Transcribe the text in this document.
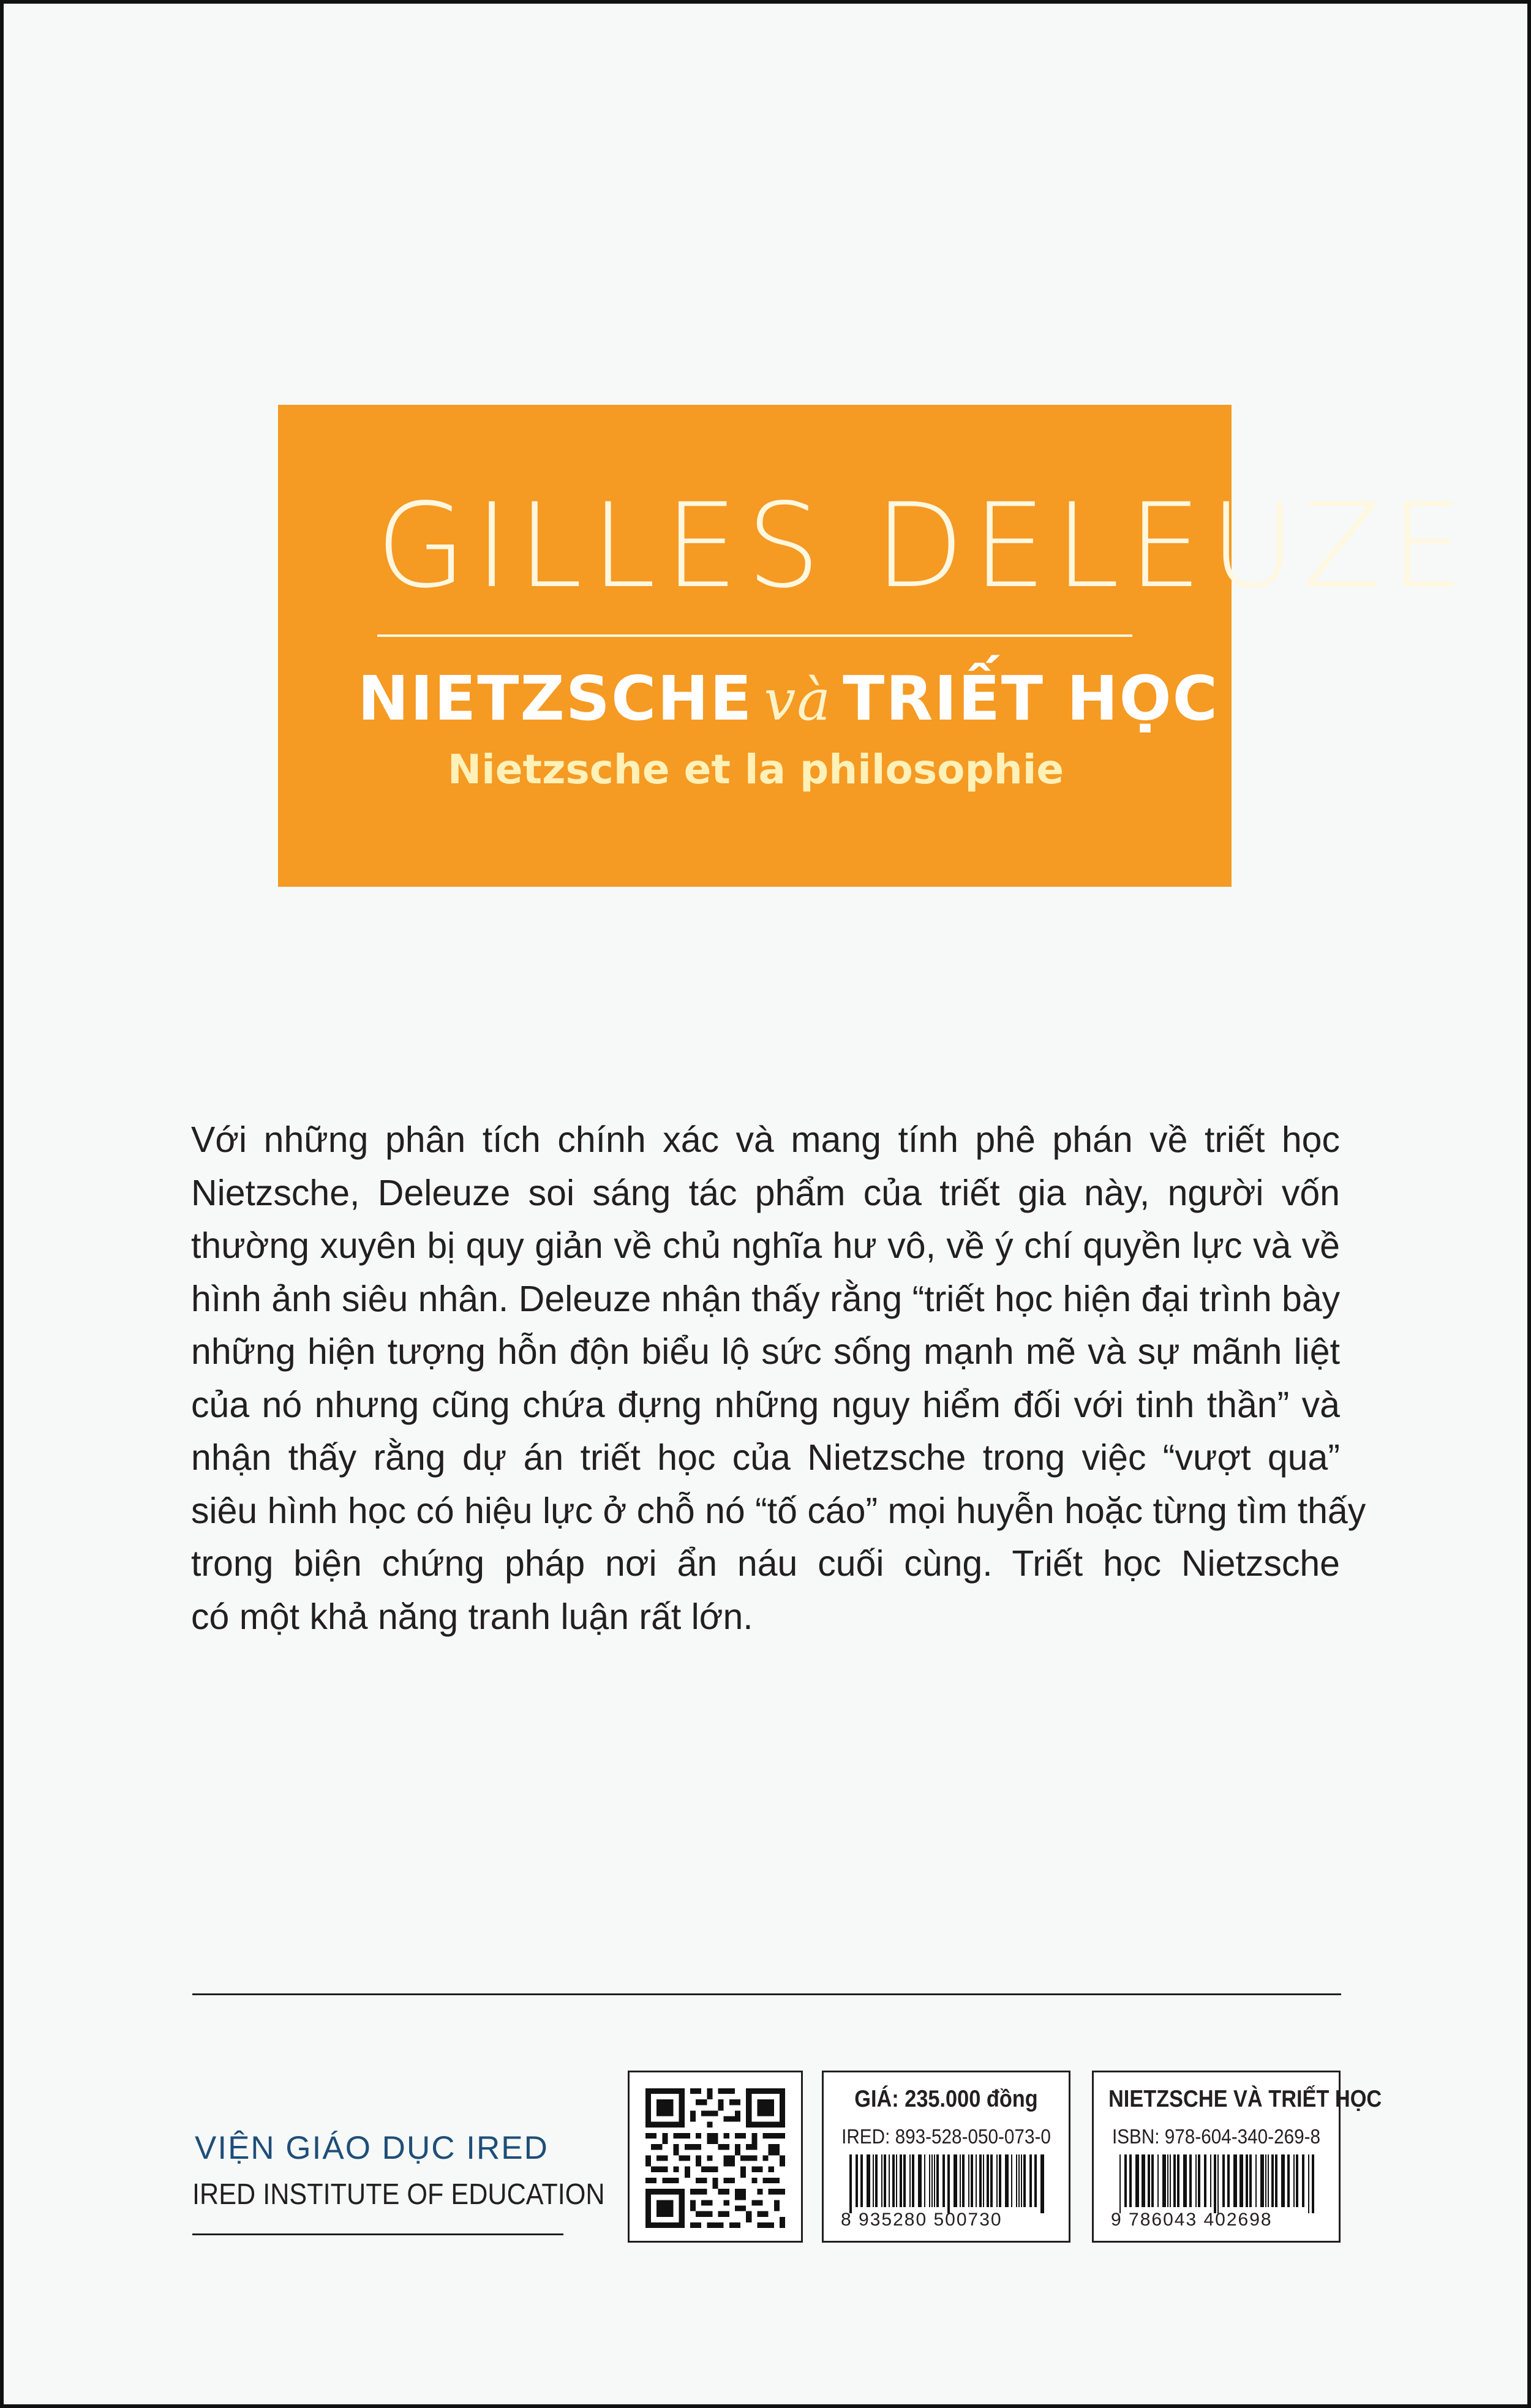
GILLES DELEUZE
NIETZSCHE và TRIẾT HỌC
Nietzsche et la philosophie
Với những phân tích chính xác và mang tính phê phán về triết học
Nietzsche, Deleuze soi sáng tác phẩm của triết gia này, người vốn
thường xuyên bị quy giản về chủ nghĩa hư vô, về ý chí quyền lực và về
hình ảnh siêu nhân. Deleuze nhận thấy rằng “triết học hiện đại trình bày
những hiện tượng hỗn độn biểu lộ sức sống mạnh mẽ và sự mãnh liệt
của nó nhưng cũng chứa đựng những nguy hiểm đối với tinh thần” và
nhận thấy rằng dự án triết học của Nietzsche trong việc “vượt qua”
siêu hình học có hiệu lực ở chỗ nó “tố cáo” mọi huyễn hoặc từng tìm thấy
trong biện chứng pháp nơi ẩn náu cuối cùng. Triết học Nietzsche
có một khả năng tranh luận rất lớn.
VIỆN GIÁO DỤC IRED
IRED INSTITUTE OF EDUCATION
GIÁ: 235.000 đồng
IRED: 893-528-050-073-0
8 935280 500730
NIETZSCHE VÀ TRIẾT HỌC
ISBN: 978-604-340-269-8
9 786043 402698
